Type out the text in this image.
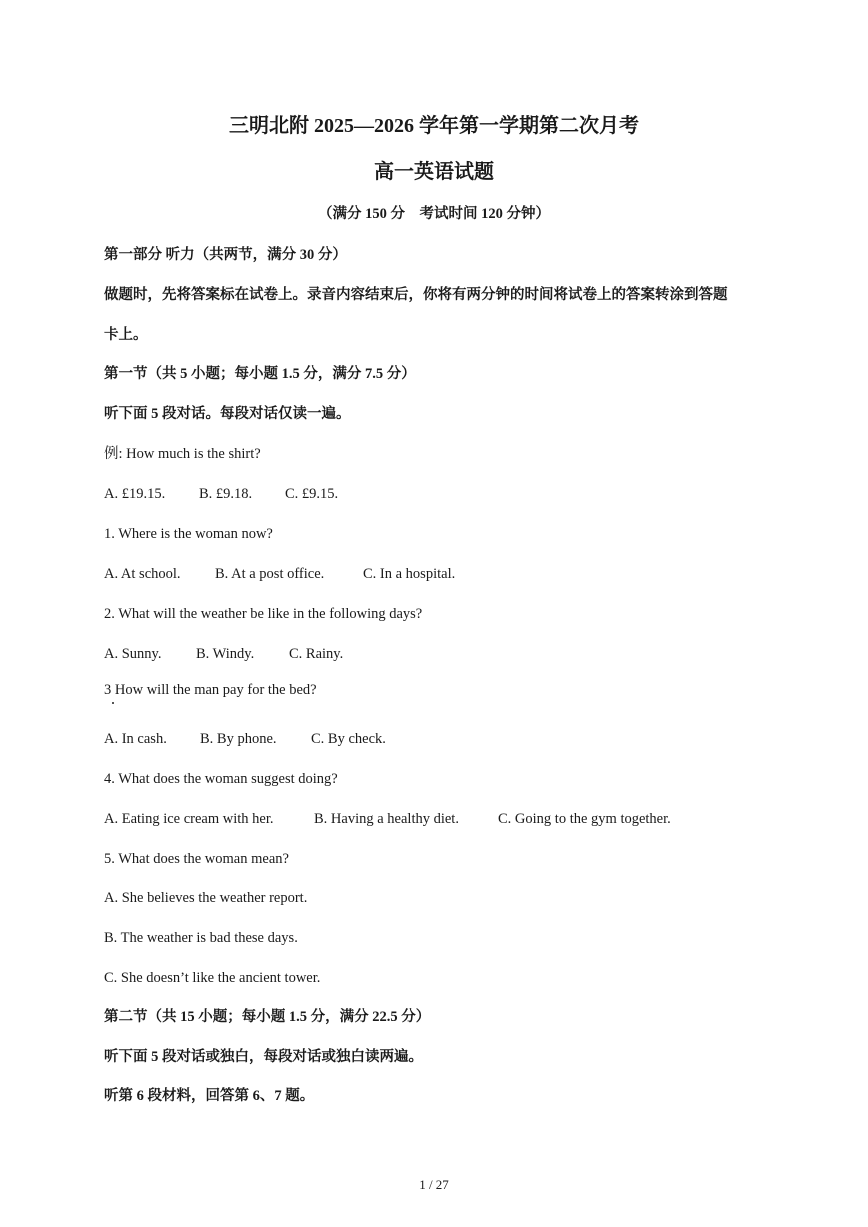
三明北附 2025—2026 学年第一学期第二次月考
高一英语试题
（满分 150 分　考试时间 120 分钟）
第一部分 听力（共两节，满分 30 分）
做题时，先将答案标在试卷上。录音内容结束后，你将有两分钟的时间将试卷上的答案转涂到答题
卡上。
第一节（共 5 小题；每小题 1.5 分，满分 7.5 分）
听下面 5 段对话。每段对话仅读一遍。
例: How much is the shirt?
A. £19.15. B. £9.18. C. £9.15.
1. Where is the woman now?
A. At school. B. At a post office.	C. In a hospital.
2. What will the weather be like in the following days?
A. Sunny. B. Windy. C. Rainy.
3 How will the man pay for the bed?
A. In cash. B. By phone. C. By check.
4. What does the woman suggest doing?
A. Eating ice cream with her.	B. Having a healthy diet.	C. Going to the gym together.
5. What does the woman mean?
A. She believes the weather report.
B. The weather is bad these days.
C. She doesn’t like the ancient tower.
第二节（共 15 小题；每小题 1.5 分，满分 22.5 分）
听下面 5 段对话或独白，每段对话或独白读两遍。
听第 6 段材料，回答第 6、7 题。
1 / 27
